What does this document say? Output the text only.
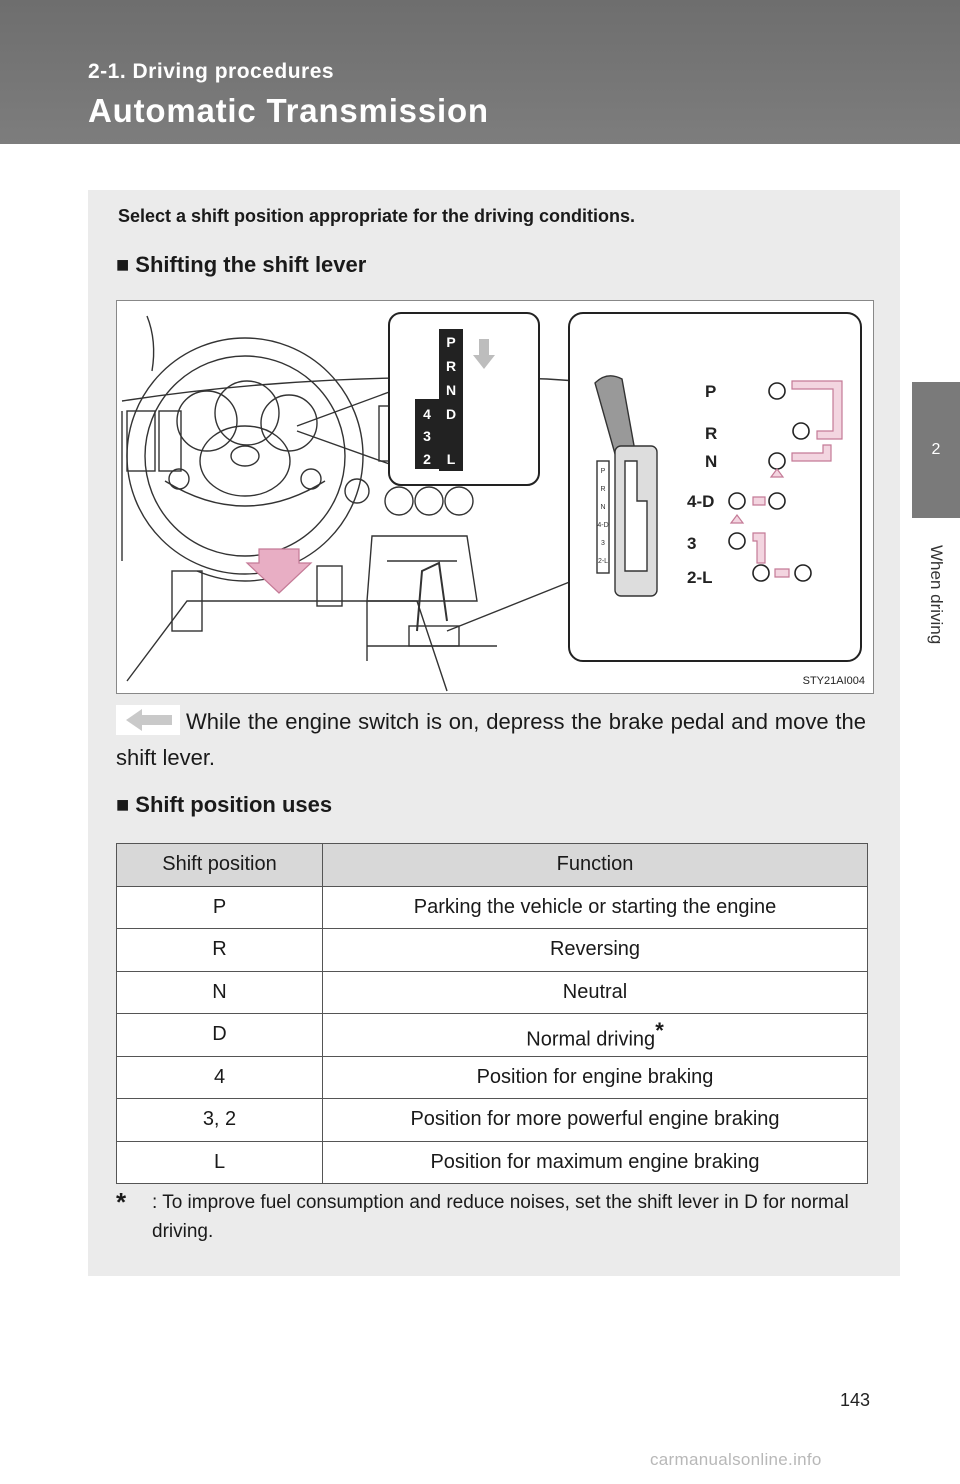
2-1. Driving procedures
Automatic Transmission
2
When driving

Select a shift position appropriate for the driving conditions.

■ Shifting the shift lever
P
R
N
D
4
3
2 L
P
R
N
4-D
3
2-L
P
R
N
4-D
3
2-L
STY21AI004

While the engine switch is on, depress the brake pedal and move the shift lever.

■ Shift position uses
Shift position	Function
P	Parking the vehicle or starting the engine
R	Reversing
N	Neutral
D	Normal driving*
4	Position for engine braking
3, 2	Position for more powerful engine braking
L	Position for maximum engine braking

*	: To improve fuel consumption and reduce noises, set the shift lever in D for normal driving.

143
carmanualsonline.info
